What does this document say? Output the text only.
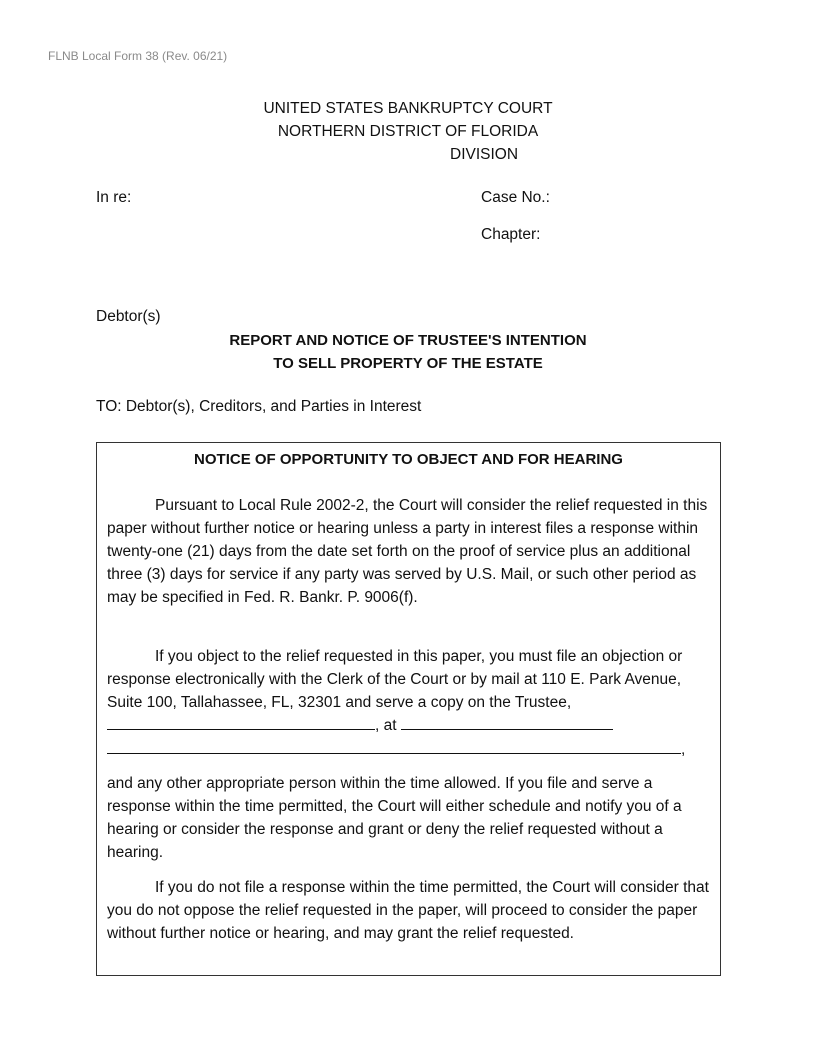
FLNB Local Form 38 (Rev. 06/21)
UNITED STATES BANKRUPTCY COURT
NORTHERN DISTRICT OF FLORIDA
DIVISION
In re:	Case No.:
Chapter:
Debtor(s)
REPORT AND NOTICE OF TRUSTEE'S INTENTION
TO SELL PROPERTY OF THE ESTATE
TO: Debtor(s), Creditors, and Parties in Interest
NOTICE OF OPPORTUNITY TO OBJECT AND FOR HEARING

Pursuant to Local Rule 2002-2, the Court will consider the relief requested in this paper without further notice or hearing unless a party in interest files a response within twenty-one (21) days from the date set forth on the proof of service plus an additional three (3) days for service if any party was served by U.S. Mail, or such other period as may be specified in Fed. R. Bankr. P. 9006(f).

If you object to the relief requested in this paper, you must file an objection or response electronically with the Clerk of the Court or by mail at 110 E. Park Avenue, Suite 100, Tallahassee, FL, 32301 and serve a copy on the Trustee, , at

,

and any other appropriate person within the time allowed. If you file and serve a response within the time permitted, the Court will either schedule and notify you of a hearing or consider the response and grant or deny the relief requested without a hearing.

If you do not file a response within the time permitted, the Court will consider that you do not oppose the relief requested in the paper, will proceed to consider the paper without further notice or hearing, and may grant the relief requested.
